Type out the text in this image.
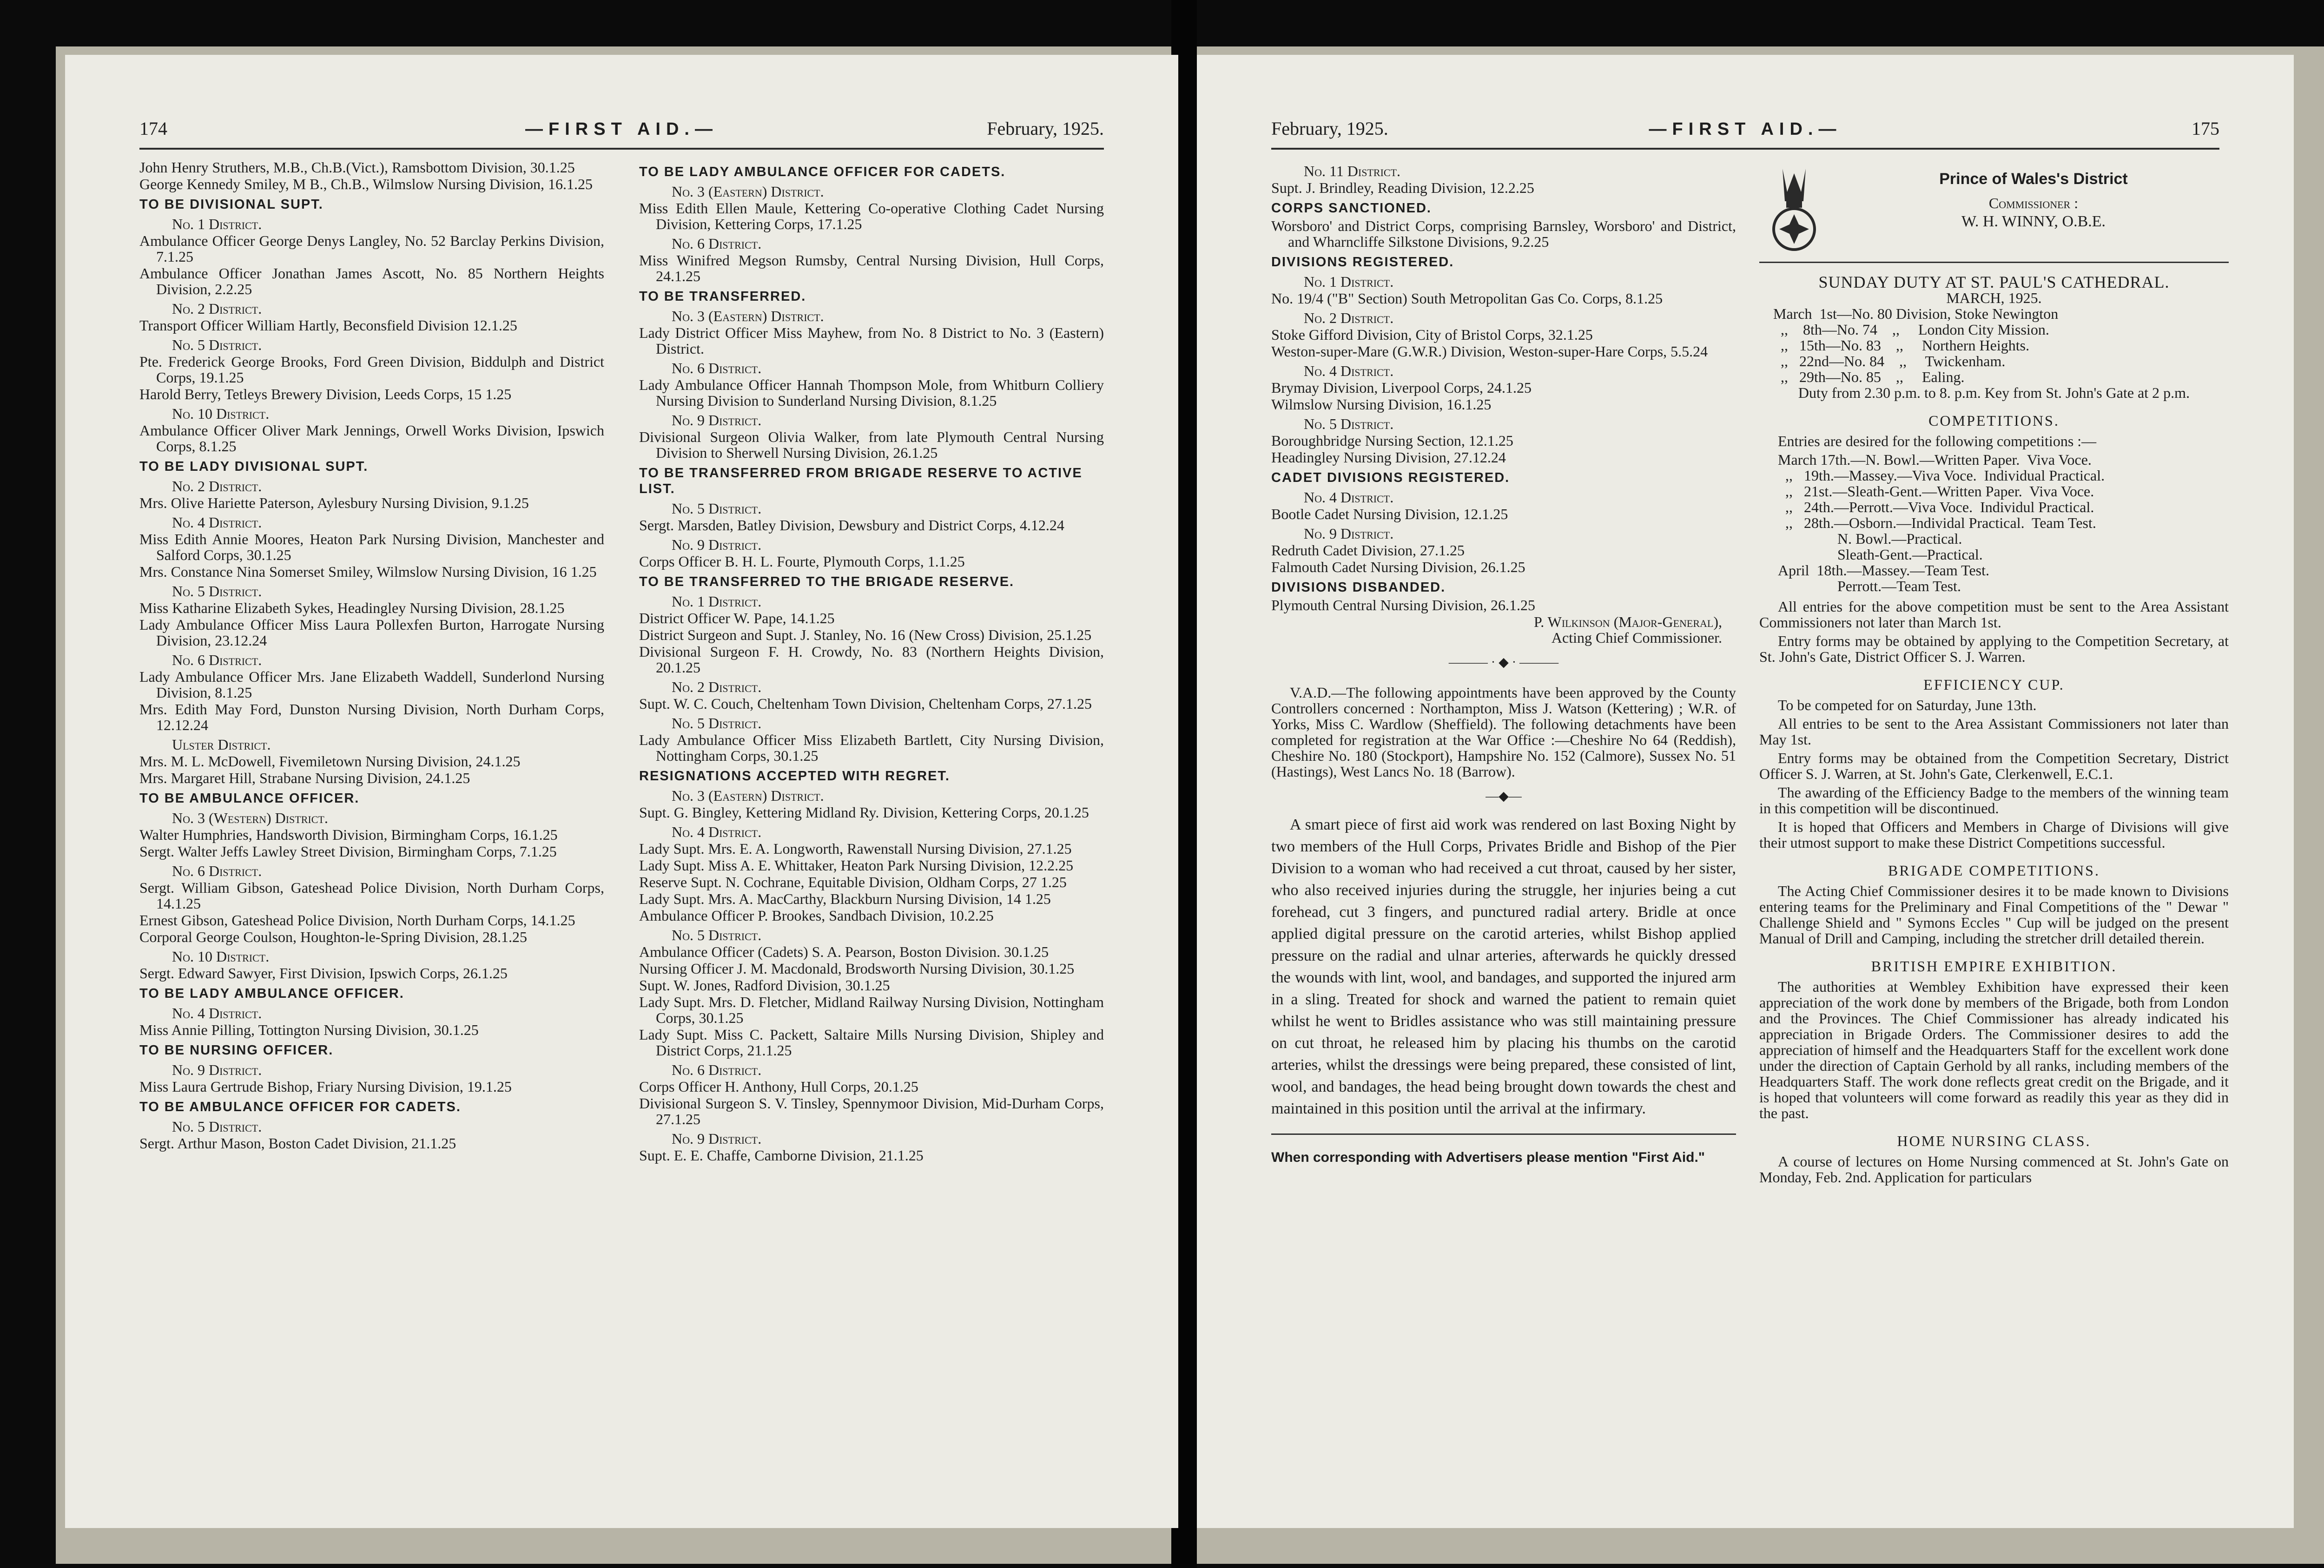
174	—FIRST AID.—	February, 1925.
John Henry Struthers, M.B., Ch.B.(Vict.), Ramsbottom Division, 30.1.25
George Kennedy Smiley, M B., Ch.B., Wilmslow Nursing Division, 16.1.25
TO BE DIVISIONAL SUPT.
No. 1 District.
Ambulance Officer George Denys Langley, No. 52 Barclay Perkins Division, 7.1.25
Ambulance Officer Jonathan James Ascott, No. 85 Northern Heights Division, 2.2.25
No. 2 District.
Transport Officer William Hartly, Beconsfield Division 12.1.25
No. 5 District.
Pte. Frederick George Brooks, Ford Green Division, Biddulph and District Corps, 19.1.25
Harold Berry, Tetleys Brewery Division, Leeds Corps, 15 1.25
No. 10 District.
Ambulance Officer Oliver Mark Jennings, Orwell Works Division, Ipswich Corps, 8.1.25
TO BE LADY DIVISIONAL SUPT.
No. 2 District.
Mrs. Olive Hariette Paterson, Aylesbury Nursing Division, 9.1.25
No. 4 District.
Miss Edith Annie Moores, Heaton Park Nursing Division, Manchester and Salford Corps, 30.1.25
Mrs. Constance Nina Somerset Smiley, Wilmslow Nursing Division, 16 1.25
No. 5 District.
Miss Katharine Elizabeth Sykes, Headingley Nursing Division, 28.1.25
Lady Ambulance Officer Miss Laura Pollexfen Burton, Harrogate Nursing Division, 23.12.24
No. 6 District.
Lady Ambulance Officer Mrs. Jane Elizabeth Waddell, Sunderlond Nursing Division, 8.1.25
Mrs. Edith May Ford, Dunston Nursing Division, North Durham Corps, 12.12.24
Ulster District.
Mrs. M. L. McDowell, Fivemiletown Nursing Division, 24.1.25
Mrs. Margaret Hill, Strabane Nursing Division, 24.1.25
TO BE AMBULANCE OFFICER.
No. 3 (Western) District.
Walter Humphries, Handsworth Division, Birmingham Corps, 16.1.25
Sergt. Walter Jeffs Lawley Street Division, Birmingham Corps, 7.1.25
No. 6 District.
Sergt. William Gibson, Gateshead Police Division, North Durham Corps, 14.1.25
Ernest Gibson, Gateshead Police Division, North Durham Corps, 14.1.25
Corporal George Coulson, Houghton-le-Spring Division, 28.1.25
No. 10 District.
Sergt. Edward Sawyer, First Division, Ipswich Corps, 26.1.25
TO BE LADY AMBULANCE OFFICER.
No. 4 District.
Miss Annie Pilling, Tottington Nursing Division, 30.1.25
TO BE NURSING OFFICER.
No. 9 District.
Miss Laura Gertrude Bishop, Friary Nursing Division, 19.1.25
TO BE AMBULANCE OFFICER FOR CADETS.
No. 5 District.
Sergt. Arthur Mason, Boston Cadet Division, 21.1.25
TO BE LADY AMBULANCE OFFICER FOR CADETS.
No. 3 (Eastern) District.
Miss Edith Ellen Maule, Kettering Co-operative Clothing Cadet Nursing Division, Kettering Corps, 17.1.25
No. 6 District.
Miss Winifred Megson Rumsby, Central Nursing Division, Hull Corps, 24.1.25
TO BE TRANSFERRED.
No. 3 (Eastern) District.
Lady District Officer Miss Mayhew, from No. 8 District to No. 3 (Eastern) District.
No. 6 District.
Lady Ambulance Officer Hannah Thompson Mole, from Whitburn Colliery Nursing Division to Sunderland Nursing Division, 8.1.25
No. 9 District.
Divisional Surgeon Olivia Walker, from late Plymouth Central Nursing Division to Sherwell Nursing Division, 26.1.25
TO BE TRANSFERRED FROM BRIGADE RESERVE TO ACTIVE LIST.
No. 5 District.
Sergt. Marsden, Batley Division, Dewsbury and District Corps, 4.12.24
No. 9 District.
Corps Officer B. H. L. Fourte, Plymouth Corps, 1.1.25
TO BE TRANSFERRED TO THE BRIGADE RESERVE.
No. 1 District.
District Officer W. Pape, 14.1.25
District Surgeon and Supt. J. Stanley, No. 16 (New Cross) Division, 25.1.25
Divisional Surgeon F. H. Crowdy, No. 83 (Northern Heights Division, 20.1.25
No. 2 District.
Supt. W. C. Couch, Cheltenham Town Division, Cheltenham Corps, 27.1.25
No. 5 District.
Lady Ambulance Officer Miss Elizabeth Bartlett, City Nursing Division, Nottingham Corps, 30.1.25
RESIGNATIONS ACCEPTED WITH REGRET.
No. 3 (Eastern) District.
Supt. G. Bingley, Kettering Midland Ry. Division, Kettering Corps, 20.1.25
No. 4 District.
Lady Supt. Mrs. E. A. Longworth, Rawenstall Nursing Division, 27.1.25
Lady Supt. Miss A. E. Whittaker, Heaton Park Nursing Division, 12.2.25
Reserve Supt. N. Cochrane, Equitable Division, Oldham Corps, 27 1.25
Lady Supt. Mrs. A. MacCarthy, Blackburn Nursing Division, 14 1.25
Ambulance Officer P. Brookes, Sandbach Division, 10.2.25
No. 5 District.
Ambulance Officer (Cadets) S. A. Pearson, Boston Division. 30.1.25
Nursing Officer J. M. Macdonald, Brodsworth Nursing Division, 30.1.25
Supt. W. Jones, Radford Division, 30.1.25
Lady Supt. Mrs. D. Fletcher, Midland Railway Nursing Division, Nottingham Corps, 30.1.25
Lady Supt. Miss C. Packett, Saltaire Mills Nursing Division, Shipley and District Corps, 21.1.25
No. 6 District.
Corps Officer H. Anthony, Hull Corps, 20.1.25
Divisional Surgeon S. V. Tinsley, Spennymoor Division, Mid-Durham Corps, 27.1.25
No. 9 District.
Supt. E. E. Chaffe, Camborne Division, 21.1.25
February, 1925.	—FIRST AID.—	175
No. 11 District.
Supt. J. Brindley, Reading Division, 12.2.25
CORPS SANCTIONED.
Worsboro' and District Corps, comprising Barnsley, Worsboro' and District, and Wharncliffe Silkstone Divisions, 9.2.25
DIVISIONS REGISTERED.
No. 1 District.
No. 19/4 ("B" Section) South Metropolitan Gas Co. Corps, 8.1.25
No. 2 District.
Stoke Gifford Division, City of Bristol Corps, 32.1.25
Weston-super-Mare (G.W.R.) Division, Weston-super-Hare Corps, 5.5.24
No. 4 District.
Brymay Division, Liverpool Corps, 24.1.25
Wilmslow Nursing Division, 16.1.25
No. 5 District.
Boroughbridge Nursing Section, 12.1.25
Headingley Nursing Division, 27.12.24
CADET DIVISIONS REGISTERED.
No. 4 District.
Bootle Cadet Nursing Division, 12.1.25
No. 9 District.
Redruth Cadet Division, 27.1.25
Falmouth Cadet Nursing Division, 26.1.25
DIVISIONS DISBANDED.
Plymouth Central Nursing Division, 26.1.25

P. Wilkinson (Major-General),

Acting Chief Commissioner.

——— · ◆ · ———

V.A.D.—The following appointments have been approved by the County Controllers concerned : Northampton, Miss J. Watson (Kettering) ; W.R. of Yorks, Miss C. Wardlow (Sheffield). The following detachments have been completed for registration at the War Office :—Cheshire No 64 (Reddish), Cheshire No. 180 (Stockport), Hampshire No. 152 (Calmore), Sussex No. 51 (Hastings), West Lancs No. 18 (Barrow).

—◆—

A smart piece of first aid work was rendered on last Boxing Night by two members of the Hull Corps, Privates Bridle and Bishop of the Pier Division to a woman who had received a cut throat, caused by her sister, who also received injuries during the struggle, her injuries being a cut forehead, cut 3 fingers, and punctured radial artery. Bridle at once applied digital pressure on the carotid arteries, whilst Bishop applied pressure on the radial and ulnar arteries, afterwards he quickly dressed the wounds with lint, wool, and bandages, and supported the injured arm in a sling. Treated for shock and warned the patient to remain quiet whilst he went to Bridles assistance who was still maintaining pressure on cut throat, he released him by placing his thumbs on the carotid arteries, whilst the dressings were being prepared, these consisted of lint, wool, and bandages, the head being brought down towards the chest and maintained in this position until the arrival at the infirmary.

When corresponding with Advertisers please mention "First Aid."

Prince of Wales's District
Commissioner :
W. H. WINNY, O.B.E.

SUNDAY DUTY AT ST. PAUL'S CATHEDRAL.

MARCH, 1925.

March  1st—No. 80 Division, Stoke Newington
,,    8th—No. 74    ,,     London City Mission.
,,   15th—No. 83    ,,     Northern Heights.
,,   22nd—No. 84    ,,     Twickenham.
,,   29th—No. 85    ,,     Ealing.

Duty from 2.30 p.m. to 8. p.m. Key from St. John's Gate at 2 p.m.

COMPETITIONS.

Entries are desired for the following competitions :—

March 17th.—N. Bowl.—Written Paper.  Viva Voce.
,,   19th.—Massey.—Viva Voce.  Individual Practical.
,,   21st.—Sleath-Gent.—Written Paper.  Viva Voce.
,,   24th.—Perrott.—Viva Voce.  Individul Practical.
,,   28th.—Osborn.—Individal Practical.  Team Test.
N. Bowl.—Practical.
Sleath-Gent.—Practical.
April  18th.—Massey.—Team Test.
Perrott.—Team Test.

All entries for the above competition must be sent to the Area Assistant Commissioners not later than March 1st.

Entry forms may be obtained by applying to the Competition Secretary, at St. John's Gate, District Officer S. J. Warren.

EFFICIENCY CUP.

To be competed for on Saturday, June 13th.

All entries to be sent to the Area Assistant Commissioners not later than May 1st.

Entry forms may be obtained from the Competition Secretary, District Officer S. J. Warren, at St. John's Gate, Clerkenwell, E.C.1.

The awarding of the Efficiency Badge to the members of the winning team in this competition will be discontinued.

It is hoped that Officers and Members in Charge of Divisions will give their utmost support to make these District Competitions successful.

BRIGADE COMPETITIONS.

The Acting Chief Commissioner desires it to be made known to Divisions entering teams for the Preliminary and Final Competitions of the " Dewar " Challenge Shield and " Symons Eccles " Cup will be judged on the present Manual of Drill and Camping, including the stretcher drill detailed therein.

BRITISH EMPIRE EXHIBITION.

The authorities at Wembley Exhibition have expressed their keen appreciation of the work done by members of the Brigade, both from London and the Provinces. The Chief Commissioner has already indicated his appreciation in Brigade Orders. The Commissioner desires to add the appreciation of himself and the Headquarters Staff for the excellent work done under the direction of Captain Gerhold by all ranks, including members of the Headquarters Staff. The work done reflects great credit on the Brigade, and it is hoped that volunteers will come forward as readily this year as they did in the past.

HOME NURSING CLASS.

A course of lectures on Home Nursing commenced at St. John's Gate on Monday, Feb. 2nd. Application for particulars
